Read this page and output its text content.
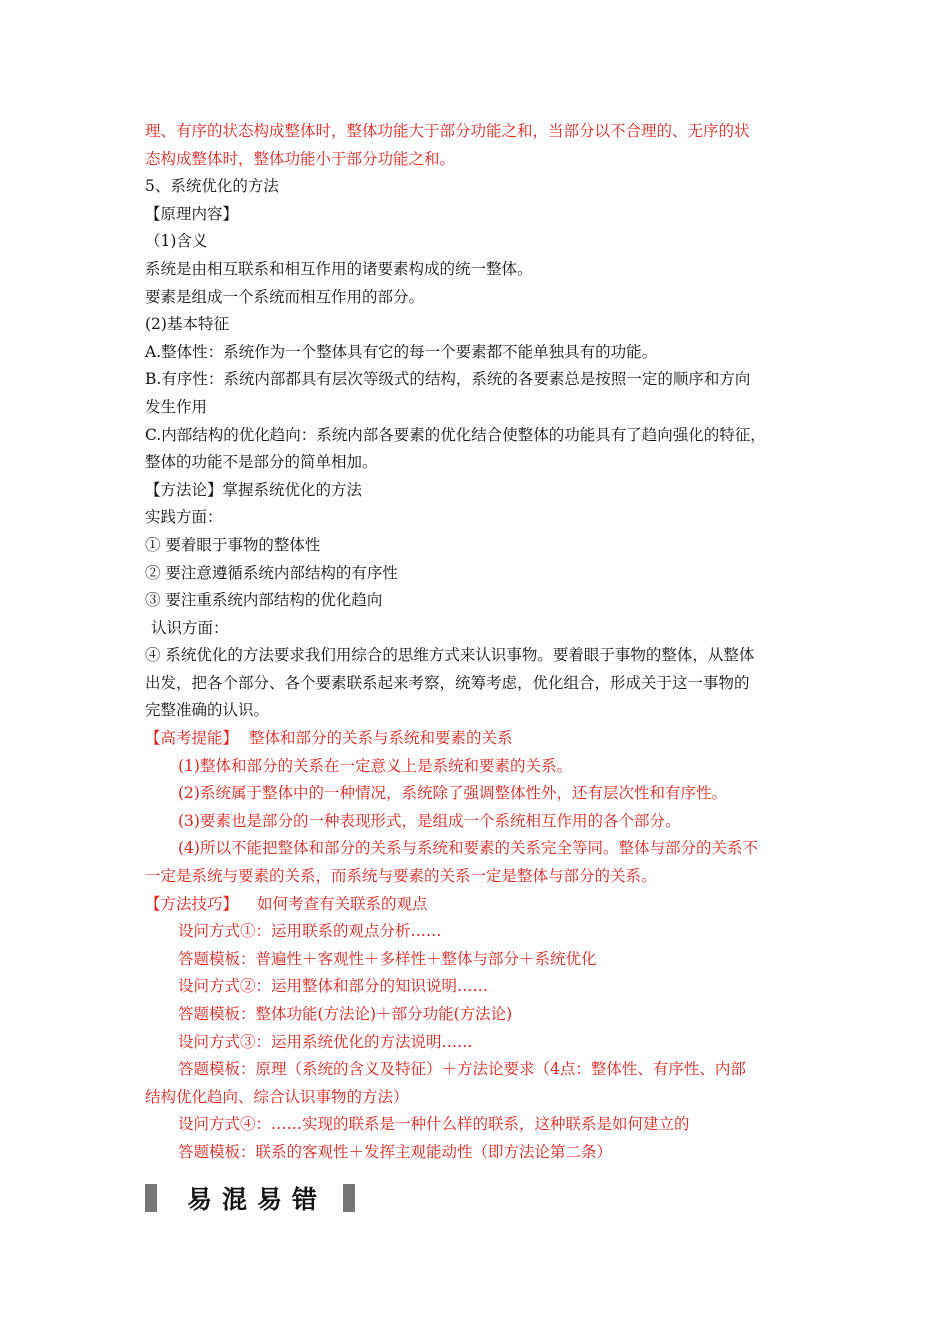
理、有序的状态构成整体时，整体功能大于部分功能之和，当部分以不合理的、无序的状

态构成整体时，整体功能小于部分功能之和。

5、系统优化的方法

【原理内容】

（1)含义

系统是由相互联系和相互作用的诸要素构成的统一整体。

要素是组成一个系统而相互作用的部分。

(2)基本特征

A.整体性：系统作为一个整体具有它的每一个要素都不能单独具有的功能。

B.有序性：系统内部都具有层次等级式的结构，系统的各要素总是按照一定的顺序和方向

发生作用

C.内部结构的优化趋向：系统内部各要素的优化结合使整体的功能具有了趋向强化的特征，

整体的功能不是部分的简单相加。

【方法论】掌握系统优化的方法

实践方面：

① 要着眼于事物的整体性

② 要注意遵循系统内部结构的有序性

③ 要注重系统内部结构的优化趋向

认识方面：

④ 系统优化的方法要求我们用综合的思维方式来认识事物。要着眼于事物的整体，从整体

出发，把各个部分、各个要素联系起来考察，统筹考虑，优化组合，形成关于这一事物的

完整准确的认识。

【高考提能】 整体和部分的关系与系统和要素的关系

(1)整体和部分的关系在一定意义上是系统和要素的关系。

(2)系统属于整体中的一种情况，系统除了强调整体性外，还有层次性和有序性。

(3)要素也是部分的一种表现形式，是组成一个系统相互作用的各个部分。

(4)所以不能把整体和部分的关系与系统和要素的关系完全等同。整体与部分的关系不

一定是系统与要素的关系，而系统与要素的关系一定是整体与部分的关系。

【方法技巧】 如何考查有关联系的观点

设问方式①：运用联系的观点分析……

答题模板：普遍性＋客观性＋多样性＋整体与部分＋系统优化

设问方式②：运用整体和部分的知识说明……

答题模板：整体功能(方法论)＋部分功能(方法论)

设问方式③：运用系统优化的方法说明……

答题模板：原理（系统的含义及特征）＋方法论要求（4点：整体性、有序性、内部

结构优化趋向、综合认识事物的方法）

设问方式④：……实现的联系是一种什么样的联系，这种联系是如何建立的

答题模板：联系的客观性＋发挥主观能动性（即方法论第二条）

易混易错
